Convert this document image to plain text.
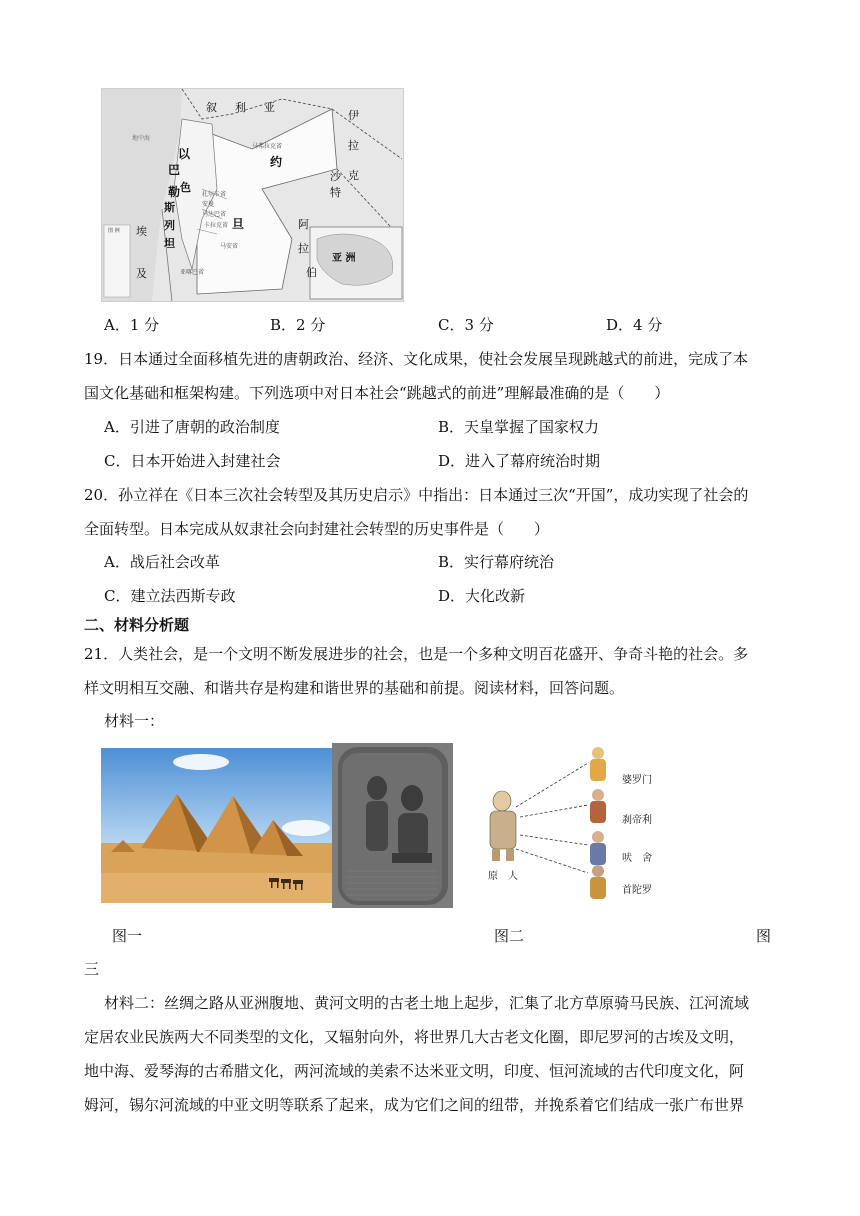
叙利亚
伊
拉
克
以
巴
勒 色
斯
列
坦
约
旦
沙
特
阿
拉
伯
埃
及
亚 洲
马弗拉克省
扎尔卡省
安曼
马达巴省
卡拉克省
马安省
亚喀巴省
地中海
图 例
A．1 分	B．2 分	C．3 分	D．4 分
19．日本通过全面移植先进的唐朝政治、经济、文化成果，使社会发展呈现跳越式的前进，完成了本
国文化基础和框架构建。下列选项中对日本社会“跳越式的前进”理解最准确的是（　　）
A．引进了唐朝的政治制度	B．天皇掌握了国家权力
C．日本开始进入封建社会	D．进入了幕府统治时期
20．孙立祥在《日本三次社会转型及其历史启示》中指出：日本通过三次“开国”，成功实现了社会的
全面转型。日本完成从奴隶社会向封建社会转型的历史事件是（　　）
A．战后社会改革	B．实行幕府统治
C．建立法西斯专政	D．大化改新
二、材料分析题
21．人类社会，是一个文明不断发展进步的社会，也是一个多种文明百花盛开、争奇斗艳的社会。多
样文明相互交融、和谐共存是构建和谐世界的基础和前提。阅读材料，回答问题。
材料一：
婆罗门
刹帝利
吠　舍
首陀罗
原　人
图一	图二	图
三
材料二：丝绸之路从亚洲腹地、黄河文明的古老土地上起步，汇集了北方草原骑马民族、江河流域
定居农业民族两大不同类型的文化，又辐射向外，将世界几大古老文化圈，即尼罗河的古埃及文明，
地中海、爱琴海的古希腊文化，两河流域的美索不达米亚文明，印度、恒河流域的古代印度文化，阿
姆河，锡尔河流域的中亚文明等联系了起来，成为它们之间的纽带，并挽系着它们结成一张广布世界
